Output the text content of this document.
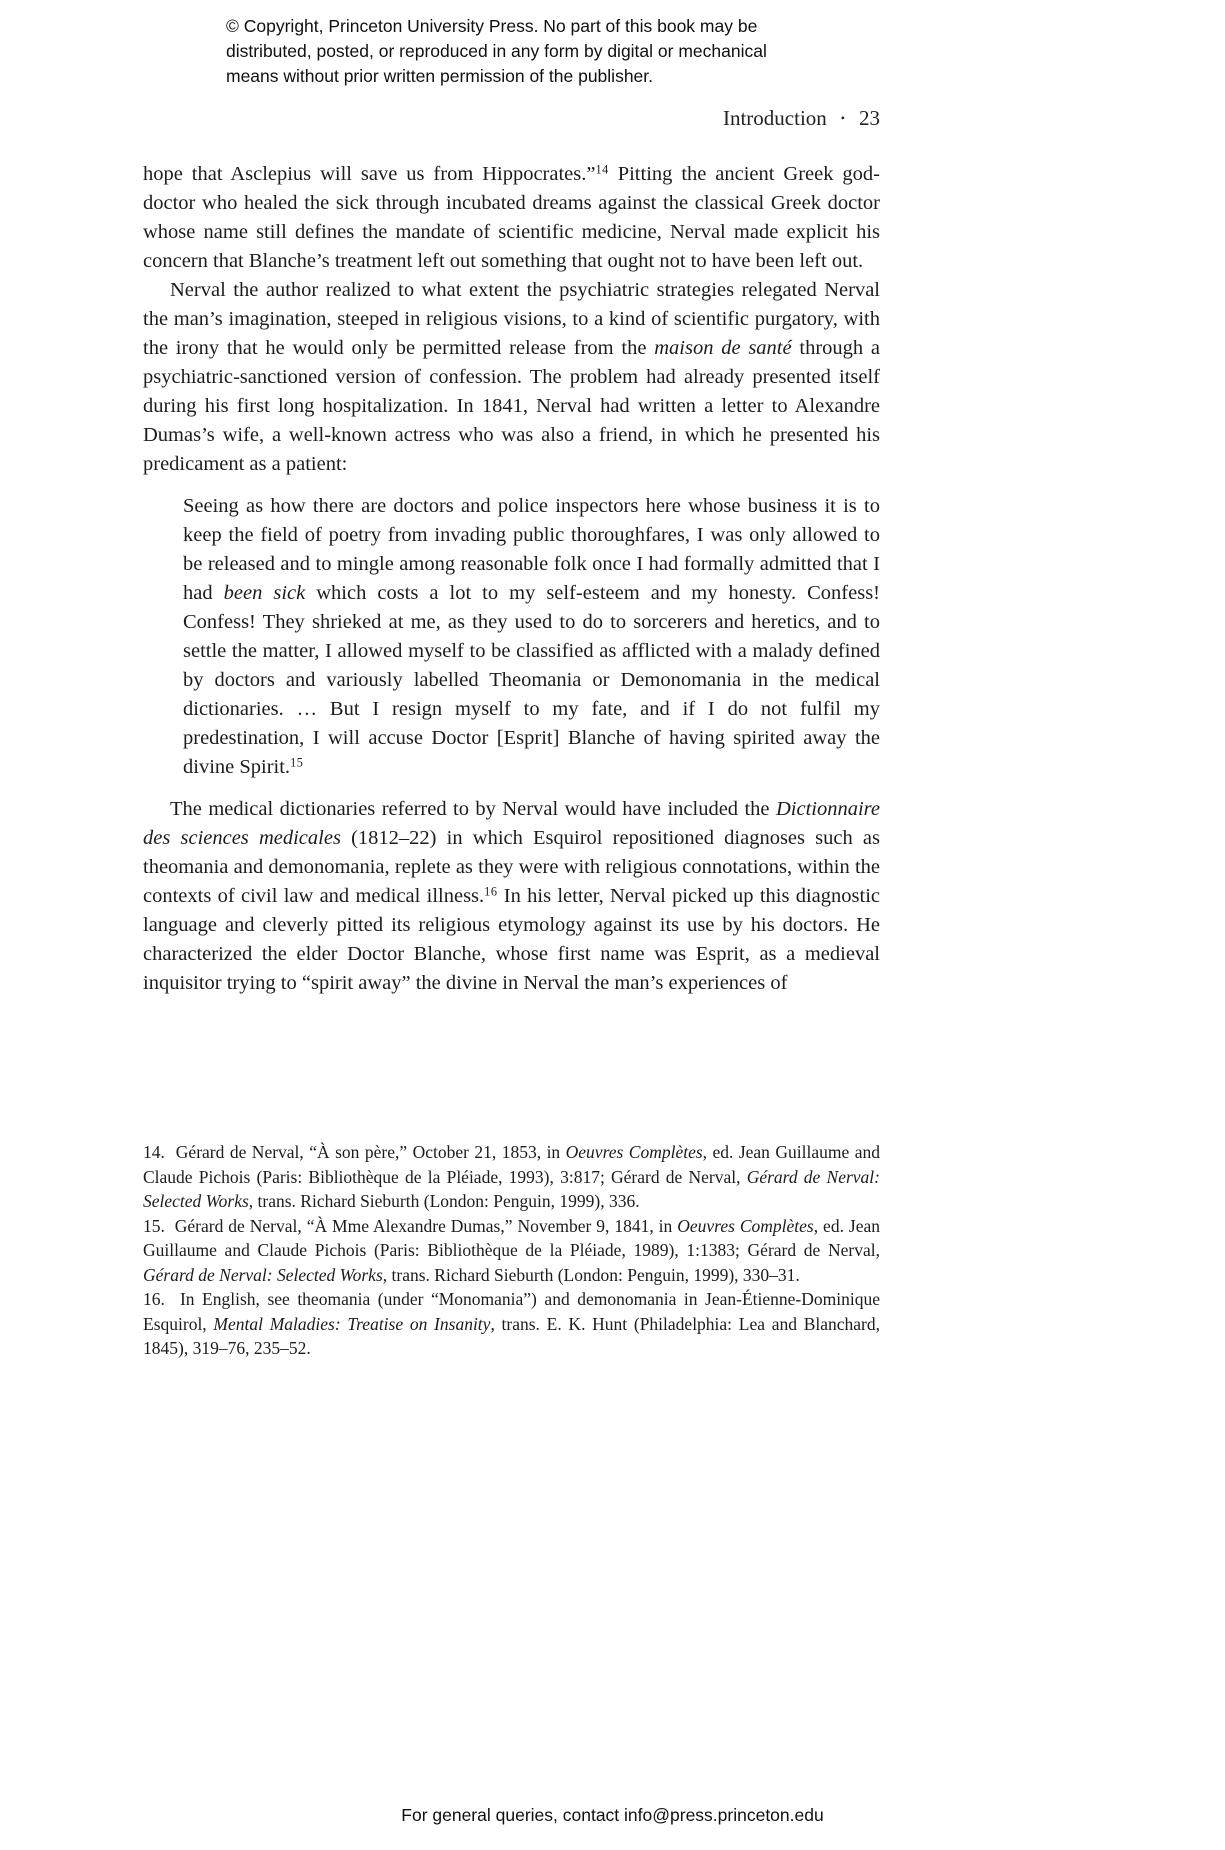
© Copyright, Princeton University Press. No part of this book may be
distributed, posted, or reproduced in any form by digital or mechanical
means without prior written permission of the publisher.
Introduction • 23

hope that Asclepius will save us from Hippocrates.”$^{14}$ Pitting the ancient Greek god-doctor who healed the sick through incubated dreams against the classical Greek doctor whose name still defines the mandate of scientific medicine, Nerval made explicit his concern that Blanche’s treatment left out something that ought not to have been left out.

Nerval the author realized to what extent the psychiatric strategies relegated Nerval the man’s imagination, steeped in religious visions, to a kind of scientific purgatory, with the irony that he would only be permitted release from the maison de santé through a psychiatric-sanctioned version of confession. The problem had already presented itself during his first long hospitalization. In 1841, Nerval had written a letter to Alexandre Dumas’s wife, a well-known actress who was also a friend, in which he presented his predicament as a patient:

Seeing as how there are doctors and police inspectors here whose business it is to keep the field of poetry from invading public thoroughfares, I was only allowed to be released and to mingle among reasonable folk once I had formally admitted that I had been sick which costs a lot to my self-esteem and my honesty. Confess! Confess! They shrieked at me, as they used to do to sorcerers and heretics, and to settle the matter, I allowed myself to be classified as afflicted with a malady defined by doctors and variously labelled Theomania or Demonomania in the medical dictionaries. … But I resign myself to my fate, and if I do not fulfil my predestination, I will accuse Doctor [Esprit] Blanche of having spirited away the divine Spirit.$^{15}$

The medical dictionaries referred to by Nerval would have included the Dictionnaire des sciences medicales (1812–22) in which Esquirol repositioned diagnoses such as theomania and demonomania, replete as they were with religious connotations, within the contexts of civil law and medical illness.$^{16}$ In his letter, Nerval picked up this diagnostic language and cleverly pitted its religious etymology against its use by his doctors. He characterized the elder Doctor Blanche, whose first name was Esprit, as a medieval inquisitor trying to “spirit away” the divine in Nerval the man’s experiences of

14.  Gérard de Nerval, “À son père,” October 21, 1853, in Oeuvres Complètes, ed. Jean Guillaume and Claude Pichois (Paris: Bibliothèque de la Pléiade, 1993), 3:817; Gérard de Nerval, Gérard de Nerval: Selected Works, trans. Richard Sieburth (London: Penguin, 1999), 336.

15.  Gérard de Nerval, “À Mme Alexandre Dumas,” November 9, 1841, in Oeuvres Complètes, ed. Jean Guillaume and Claude Pichois (Paris: Bibliothèque de la Pléiade, 1989), 1:1383; Gérard de Nerval, Gérard de Nerval: Selected Works, trans. Richard Sieburth (London: Penguin, 1999), 330–31.

16.  In English, see theomania (under “Monomania”) and demonomania in Jean-Étienne-Dominique Esquirol, Mental Maladies: Treatise on Insanity, trans. E. K. Hunt (Philadelphia: Lea and Blanchard, 1845), 319–76, 235–52.

For general queries, contact info@press.princeton.edu
